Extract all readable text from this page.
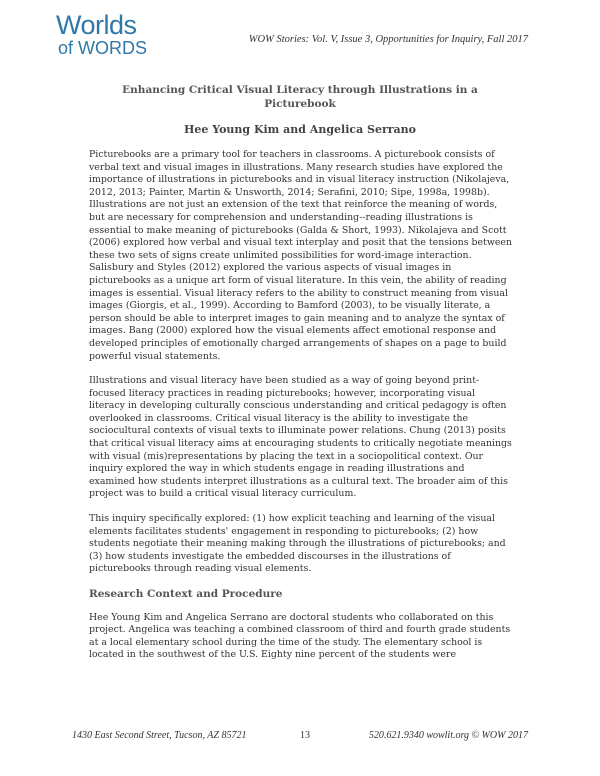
Worlds
of WORDS	WOW Stories: Vol. V, Issue 3, Opportunities for Inquiry, Fall 2017
Enhancing Critical Visual Literacy through Illustrations in a Picturebook
Hee Young Kim and Angelica Serrano

Picturebooks are a primary tool for teachers in classrooms. A picturebook consists of verbal text and visual images in illustrations. Many research studies have explored the importance of illustrations in picturebooks and in visual literacy instruction (Nikolajeva, 2012, 2013; Painter, Martin & Unsworth, 2014; Serafini, 2010; Sipe, 1998a, 1998b). Illustrations are not just an extension of the text that reinforce the meaning of words, but are necessary for comprehension and understanding--reading illustrations is essential to make meaning of picturebooks (Galda & Short, 1993). Nikolajeva and Scott (2006) explored how verbal and visual text interplay and posit that the tensions between these two sets of signs create unlimited possibilities for word-image interaction. Salisbury and Styles (2012) explored the various aspects of visual images in picturebooks as a unique art form of visual literature. In this vein, the ability of reading images is essential. Visual literacy refers to the ability to construct meaning from visual images (Giorgis, et al., 1999). According to Bamford (2003), to be visually literate, a person should be able to interpret images to gain meaning and to analyze the syntax of images. Bang (2000) explored how the visual elements affect emotional response and developed principles of emotionally charged arrangements of shapes on a page to build powerful visual statements.

Illustrations and visual literacy have been studied as a way of going beyond print-focused literacy practices in reading picturebooks; however, incorporating visual literacy in developing culturally conscious understanding and critical pedagogy is often overlooked in classrooms. Critical visual literacy is the ability to investigate the sociocultural contexts of visual texts to illuminate power relations. Chung (2013) posits that critical visual literacy aims at encouraging students to critically negotiate meanings with visual (mis)representations by placing the text in a sociopolitical context. Our inquiry explored the way in which students engage in reading illustrations and examined how students interpret illustrations as a cultural text. The broader aim of this project was to build a critical visual literacy curriculum.

This inquiry specifically explored: (1) how explicit teaching and learning of the visual elements facilitates students' engagement in responding to picturebooks; (2) how students negotiate their meaning making through the illustrations of picturebooks; and (3) how students investigate the embedded discourses in the illustrations of picturebooks through reading visual elements.

Research Context and Procedure

Hee Young Kim and Angelica Serrano are doctoral students who collaborated on this project. Angelica was teaching a combined classroom of third and fourth grade students at a local elementary school during the time of the study. The elementary school is located in the southwest of the U.S. Eighty nine percent of the students were

1430 East Second Street, Tucson, AZ 85721	13	520.621.9340 wowlit.org © WOW 2017
